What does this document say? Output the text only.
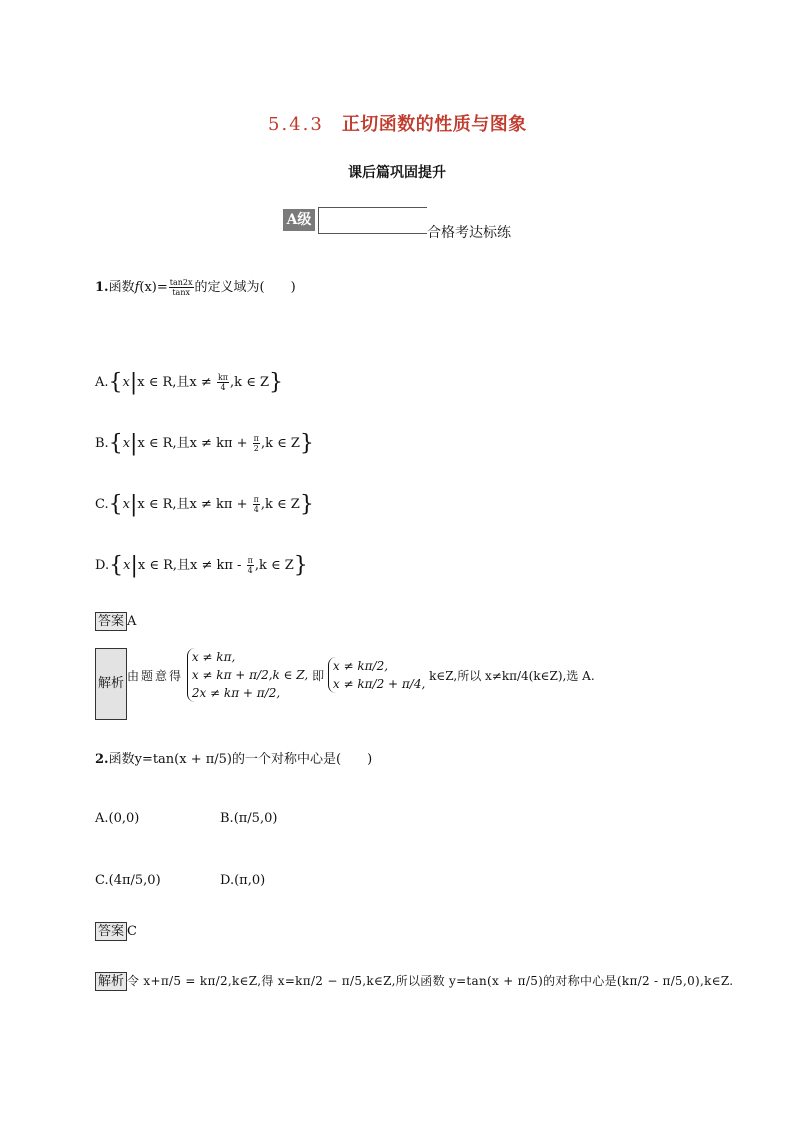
5.4.3 正切函数的性质与图象
课后篇巩固提升
A级
合格考达标练
1.函数$f(x)= \frac{\tan 2x}{\tan x}$ 的定义域为(　　)
A.{x|x ∈ R,且$x \ne \frac{k\pi}{4} ,k$ ∈ Z}
B.{x|x ∈ R,且$x \ne k\pi + \frac{\pi}{2} ,k$ ∈ Z}
C.{x|x ∈ R,且$x \ne k\pi + \frac{\pi}{4} ,k$ ∈ Z}
D.{x|x ∈ R,且$x \ne k\pi - \frac{\pi}{4} ,k$ ∈ Z}
答案 A
解析
由题意得
x ≠ kπ,
x ≠ kπ + π/2,k ∈ Z,
2x ≠ kπ + π/2,
即
x ≠ kπ/2,
x ≠ kπ/2 + π/4,
k∈Z,所以 x≠kπ/4(k∈Z),选 A.
2.函数y=tan(x + π/5)的一个对称中心是(　　)
A.(0,0)	B.(π/5,0)
C.(4π/5,0)	D.(π,0)
答案 C
解析 令 x+π/5 = kπ/2,k∈Z,得 x=kπ/2 − π/5,k∈Z,所以函数 y=tan(x + π/5)的对称中心是(kπ/2 - π/5,0),k∈Z.
